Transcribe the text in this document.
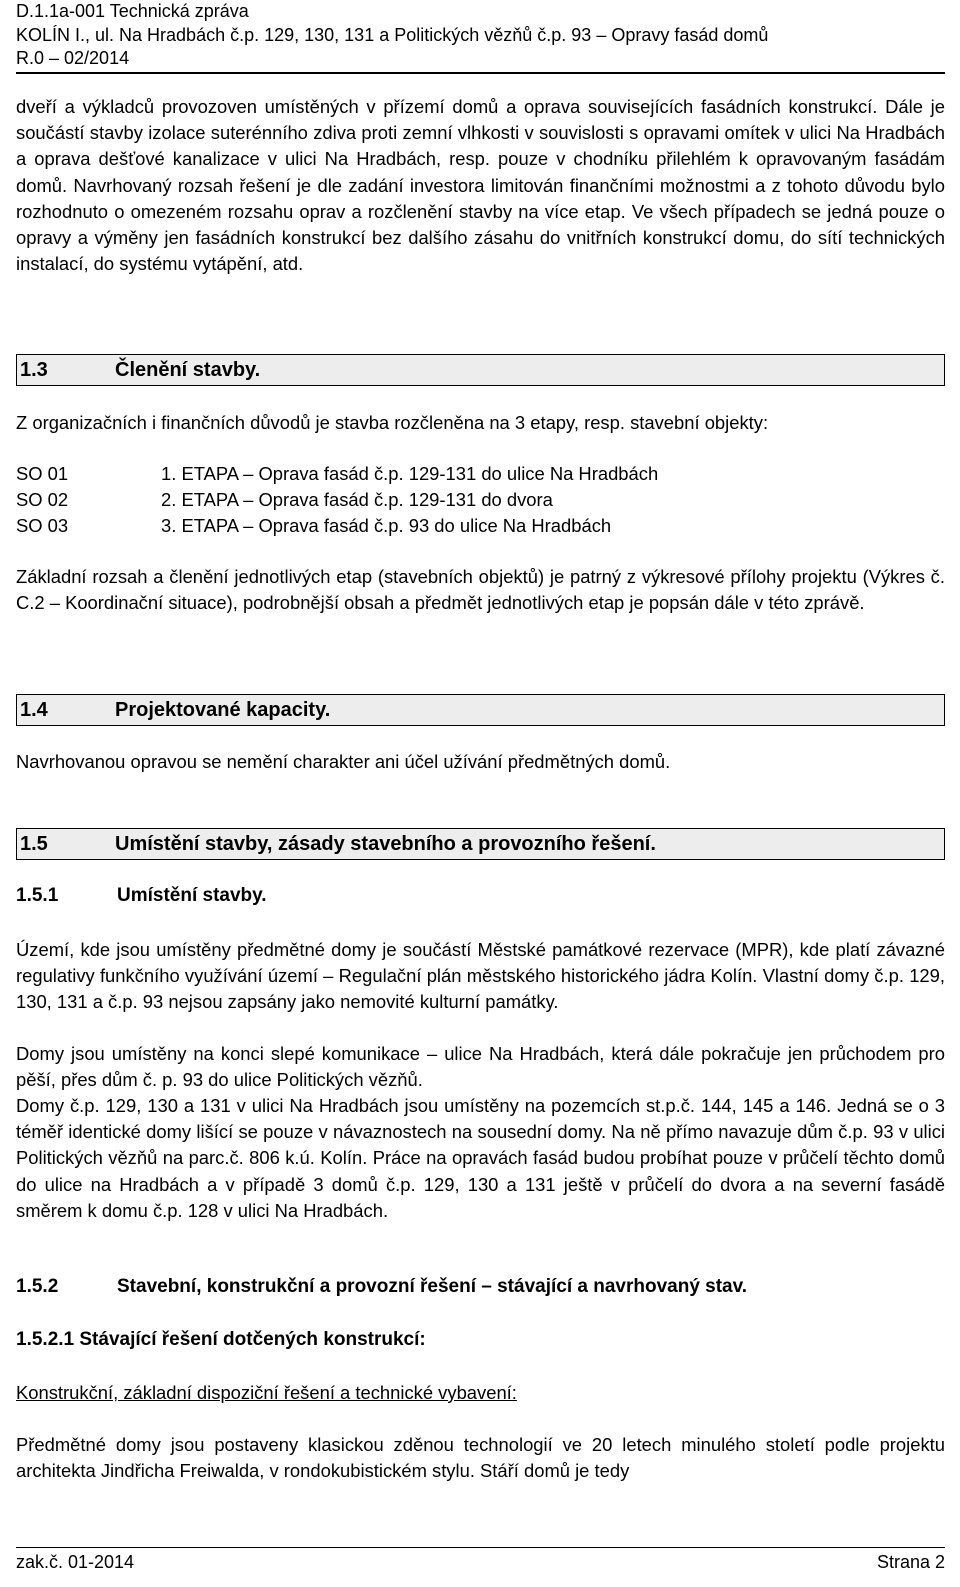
D.1.1a-001 Technická zpráva
KOLÍN I., ul. Na Hradbách č.p. 129, 130, 131 a Politických vězňů č.p. 93 – Opravy fasád domů
R.0 – 02/2014

dveří a výkladců provozoven umístěných v přízemí domů a oprava souvisejících fasádních konstrukcí. Dále je součástí stavby izolace suterénního zdiva proti zemní vlhkosti v souvislosti s opravami omítek v ulici Na Hradbách a oprava dešťové kanalizace v ulici Na Hradbách, resp. pouze v chodníku přilehlém k opravovaným fasádám domů. Navrhovaný rozsah řešení je dle zadání investora limitován finančními možnostmi a z tohoto důvodu bylo rozhodnuto o omezeném rozsahu oprav a rozčlenění stavby na více etap. Ve všech případech se jedná pouze o opravy a výměny jen fasádních konstrukcí bez dalšího zásahu do vnitřních konstrukcí domu, do sítí technických instalací, do systému vytápění, atd.

1.3	Členění stavby.

Z organizačních i finančních důvodů je stavba rozčleněna na 3 etapy, resp. stavební objekty:

SO 01	1. ETAPA – Oprava fasád č.p. 129-131 do ulice Na Hradbách
SO 02	2. ETAPA – Oprava fasád č.p. 129-131 do dvora
SO 03	3. ETAPA – Oprava fasád č.p. 93 do ulice Na Hradbách

Základní rozsah a členění jednotlivých etap (stavebních objektů) je patrný z výkresové přílohy projektu (Výkres č. C.2 – Koordinační situace), podrobnější obsah a předmět jednotlivých etap je popsán dále v této zprávě.

1.4	Projektované kapacity.

Navrhovanou opravou se nemění charakter ani účel užívání předmětných domů.

1.5	Umístění stavby, zásady stavebního a provozního řešení.
1.5.1	Umístění stavby.

Území, kde jsou umístěny předmětné domy je součástí Městské památkové rezervace (MPR), kde platí závazné regulativy funkčního využívání území – Regulační plán městského historického jádra Kolín. Vlastní domy č.p. 129, 130, 131 a č.p. 93 nejsou zapsány jako nemovité kulturní památky.

Domy jsou umístěny na konci slepé komunikace – ulice Na Hradbách, která dále pokračuje jen průchodem pro pěší, přes dům č. p. 93 do ulice Politických vězňů.

Domy č.p. 129, 130 a 131 v ulici Na Hradbách jsou umístěny na pozemcích st.p.č. 144, 145 a 146. Jedná se o 3 téměř identické domy lišící se pouze v návaznostech na sousední domy. Na ně přímo navazuje dům č.p. 93 v ulici Politických vězňů na parc.č. 806 k.ú. Kolín. Práce na opravách fasád budou probíhat pouze v průčelí těchto domů do ulice na Hradbách a v případě 3 domů č.p. 129, 130 a 131 ještě v průčelí do dvora a na severní fasádě směrem k domu č.p. 128 v ulici Na Hradbách.

1.5.2	Stavební, konstrukční a provozní řešení – stávající a navrhovaný stav.
1.5.2.1 Stávající řešení dotčených konstrukcí:

Konstrukční, základní dispoziční řešení a technické vybavení:

Předmětné domy jsou postaveny klasickou zděnou technologií ve 20 letech minulého století podle projektu architekta Jindřicha Freiwalda, v rondokubistickém stylu. Stáří domů je tedy

zak.č. 01-2014	Strana 2
